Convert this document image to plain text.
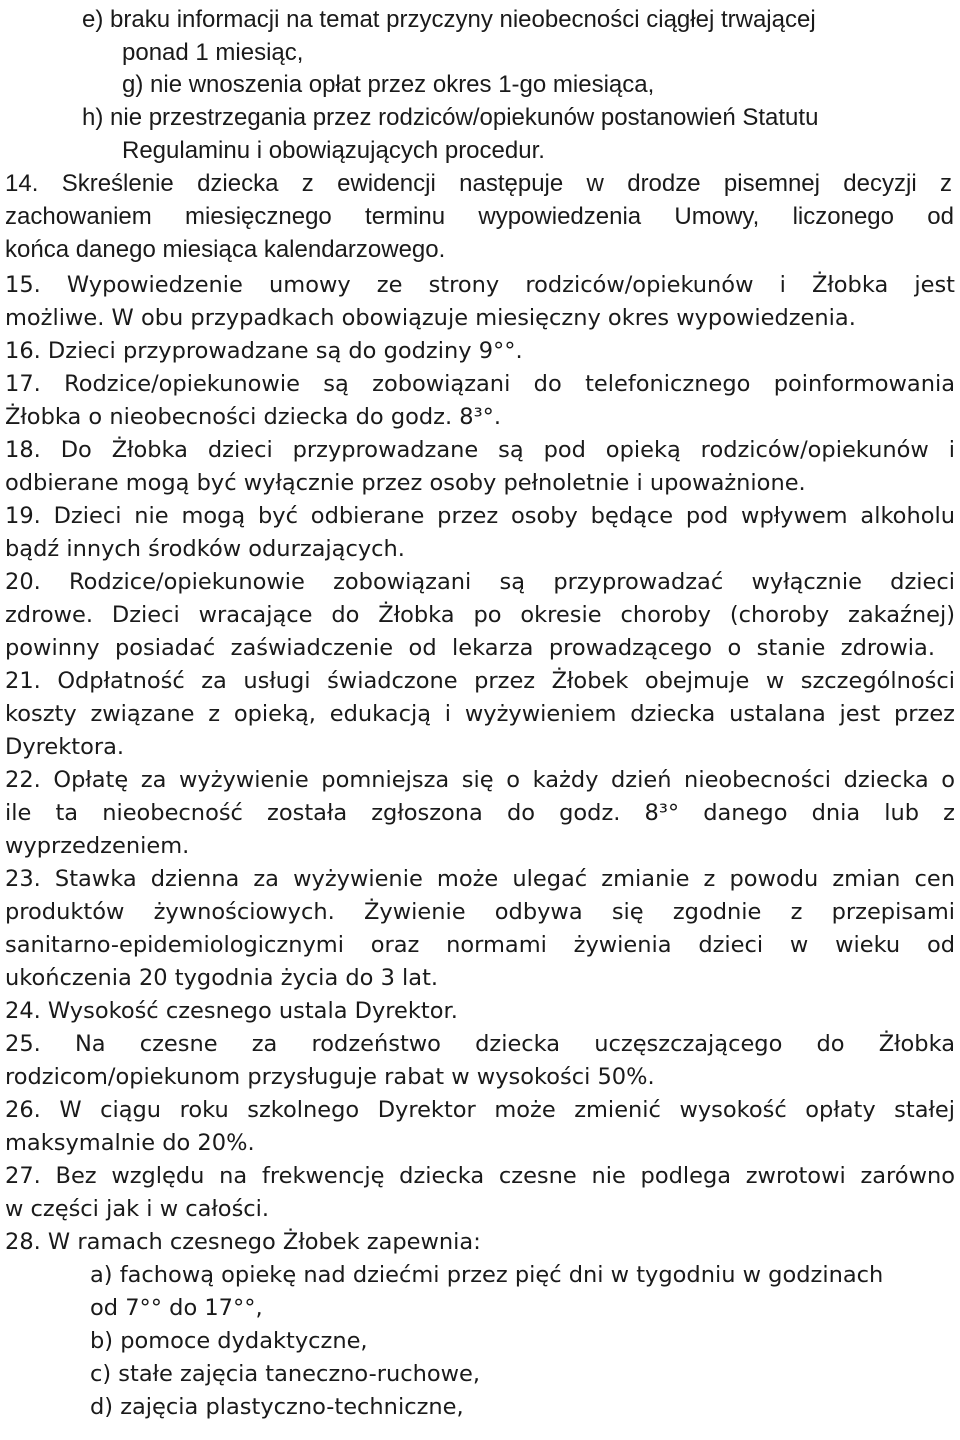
e) braku informacji na temat przyczyny nieobecności ciągłej trwającej
ponad 1 miesiąc,
g) nie wnoszenia opłat przez okres 1-go miesiąca,
h) nie przestrzegania przez rodziców/opiekunów postanowień Statutu
Regulaminu i obowiązujących procedur.
14. Skreślenie dziecka z ewidencji następuje w drodze pisemnej decyzji z
zachowaniem miesięcznego terminu wypowiedzenia Umowy, liczonego od
końca danego miesiąca kalendarzowego.
15. Wypowiedzenie umowy ze strony rodziców/opiekunów i Żłobka jest
możliwe. W obu przypadkach obowiązuje miesięczny okres wypowiedzenia.
16. Dzieci przyprowadzane są do godziny 9°°.
17. Rodzice/opiekunowie są zobowiązani do telefonicznego poinformowania
Żłobka o nieobecności dziecka do godz. 8³°.
18. Do Żłobka dzieci przyprowadzane są pod opieką rodziców/opiekunów i
odbierane mogą być wyłącznie przez osoby pełnoletnie i upoważnione.
19. Dzieci nie mogą być odbierane przez osoby będące pod wpływem alkoholu
bądź innych środków odurzających.
20. Rodzice/opiekunowie zobowiązani są przyprowadzać wyłącznie dzieci
zdrowe. Dzieci wracające do Żłobka po okresie choroby (choroby zakaźnej)
powinny posiadać zaświadczenie od lekarza prowadzącego o stanie zdrowia.
21. Odpłatność za usługi świadczone przez Żłobek obejmuje w szczególności
koszty związane z opieką, edukacją i wyżywieniem dziecka ustalana jest przez
Dyrektora.
22. Opłatę za wyżywienie pomniejsza się o każdy dzień nieobecności dziecka o
ile ta nieobecność została zgłoszona do godz. 8³° danego dnia lub z
wyprzedzeniem.
23. Stawka dzienna za wyżywienie może ulegać zmianie z powodu zmian cen
produktów żywnościowych. Żywienie odbywa się zgodnie z przepisami
sanitarno-epidemiologicznymi oraz normami żywienia dzieci w wieku od
ukończenia 20 tygodnia życia do 3 lat.
24. Wysokość czesnego ustala Dyrektor.
25. Na czesne za rodzeństwo dziecka uczęszczającego do Żłobka
rodzicom/opiekunom przysługuje rabat w wysokości 50%.
26. W ciągu roku szkolnego Dyrektor może zmienić wysokość opłaty stałej
maksymalnie do 20%.
27. Bez względu na frekwencję dziecka czesne nie podlega zwrotowi zarówno
w części jak i w całości.
28. W ramach czesnego Żłobek zapewnia:
a) fachową opiekę nad dziećmi przez pięć dni w tygodniu w godzinach
od 7°° do 17°°,
b) pomoce dydaktyczne,
c) stałe zajęcia taneczno-ruchowe,
d) zajęcia plastyczno-techniczne,
